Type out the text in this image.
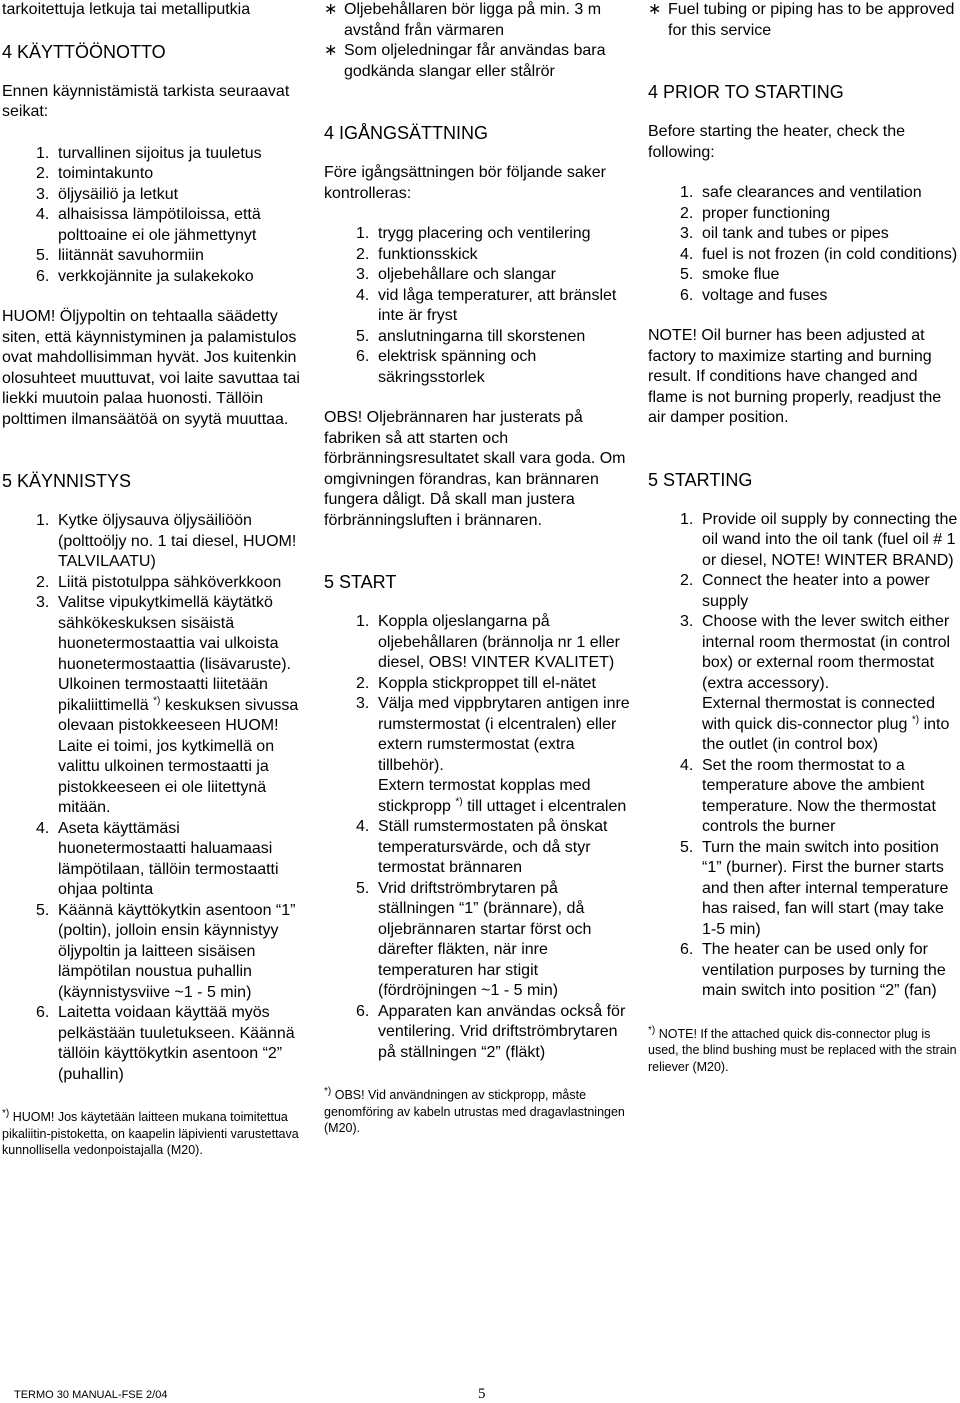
tarkoitettuja letkuja tai metalliputkia

4 KÄYTTÖÖNOTTO

Ennen käynnistämistä tarkista seuraavat seikat:

1. turvallinen sijoitus ja tuuletus
2. toimintakunto
3. öljysäiliö ja letkut
4. alhaisissa lämpötiloissa, että polttoaine ei ole jähmettynyt
5. liitännät savuhormiin
6. verkkojännite ja sulakekoko

HUOM! Öljypoltin on tehtaalla säädetty siten, että käynnistyminen ja palamistulos ovat mahdollisimman hyvät. Jos kuitenkin olosuhteet muuttuvat, voi laite savuttaa tai liekki muutoin palaa huonosti. Tällöin polttimen ilmansäätöä on syytä muuttaa.

5 KÄYNNISTYS

1. Kytke öljysauva öljysäiliöön (polttoöljy no. 1 tai diesel, HUOM! TALVILAATU)
2. Liitä pistotulppa sähköverkkoon
3. Valitse vipukytkimellä käytätkö sähkökeskuksen sisäistä huonetermostaattia vai ulkoista huonetermostaattia (lisävaruste).
Ulkoinen termostaatti liitetään pikaliittimellä *) keskuksen sivussa olevaan pistokkeeseen HUOM! Laite ei toimi, jos kytkimellä on valittu ulkoinen termostaatti ja pistokkeeseen ei ole liitettynä mitään.
4. Aseta käyttämäsi huonetermostaatti haluamaasi lämpötilaan, tällöin termostaatti ohjaa poltinta
5. Käännä käyttökytkin asentoon “1” (poltin), jolloin ensin käynnistyy öljypoltin ja laitteen sisäisen lämpötilan noustua puhallin (käynnistysviive ~1 - 5 min)
6. Laitetta voidaan käyttää myös pelkästään tuuletukseen. Käännä tällöin käyttökytkin asentoon “2” (puhallin)

*) HUOM! Jos käytetään laitteen mukana toimitettua pikaliitin-pistoketta, on kaapelin läpivienti varustettava kunnollisella vedonpoistajalla (M20).

∗ Oljebehållaren bör ligga på min. 3 m avstånd från värmaren
∗ Som oljeledningar får användas bara godkända slangar eller stålrör

4 IGÅNGSÄTTNING

Före igångsättningen bör följande saker kontrolleras:

1. trygg placering och ventilering
2. funktionsskick
3. oljebehållare och slangar
4. vid låga temperaturer, att bränslet inte är fryst
5. anslutningarna till skorstenen
6. elektrisk spänning och säkringsstorlek

OBS! Oljebrännaren har justerats på fabriken så att starten och förbränningsresultatet skall vara goda. Om omgivningen förandras, kan brännaren fungera dåligt. Då skall man justera förbränningsluften i brännaren.

5 START

1. Koppla oljeslangarna på oljebehållaren (brännolja nr 1 eller diesel, OBS! VINTER KVALITET)
2. Koppla stickproppet till el-nätet
3. Välja med vippbrytaren antigen inre rumstermostat (i elcentralen) eller extern rumstermostat (extra tillbehör).
Extern termostat kopplas med stickpropp *) till uttaget i elcentralen
4. Ställ rumstermostaten på önskat temperatursvärde, och då styr termostat brännaren
5. Vrid driftströmbrytaren på ställningen “1” (brännare), då oljebrännaren startar först och därefter fläkten, när inre temperaturen har stigit (fördröjningen ~1 - 5 min)
6. Apparaten kan användas också för ventilering. Vrid driftströmbrytaren på ställningen “2” (fläkt)

*) OBS! Vid användningen av stickpropp, måste genomföring av kabeln utrustas med dragavlastningen (M20).

∗ Fuel tubing or piping has to be approved for this service

4 PRIOR TO STARTING

Before starting the heater, check the following:

1. safe clearances and ventilation
2. proper functioning
3. oil tank and tubes or pipes
4. fuel is not frozen (in cold conditions)
5. smoke flue
6. voltage and fuses

NOTE! Oil burner has been adjusted at factory to maximize starting and burning result. If conditions have changed and flame is not burning properly, readjust the air damper position.

5 STARTING

1. Provide oil supply by connecting the oil wand into the oil tank (fuel oil # 1 or diesel, NOTE! WINTER BRAND)
2. Connect the heater into a power supply
3. Choose with the lever switch either internal room thermostat (in control box) or external room thermostat (extra accessory).
External thermostat is connected with quick dis-connector plug *) into the outlet (in control box)
4. Set the room thermostat to a temperature above the ambient temperature. Now the thermostat controls the burner
5. Turn the main switch into position “1” (burner). First the burner starts and then after internal temperature has raised, fan will start (may take 1-5 min)
6. The heater can be used only for ventilation purposes by turning the main switch into position “2” (fan)

*) NOTE! If the attached quick dis-connector plug is used, the blind bushing must be replaced with the strain reliever (M20).

TERMO 30 MANUAL-FSE 2/04	5
